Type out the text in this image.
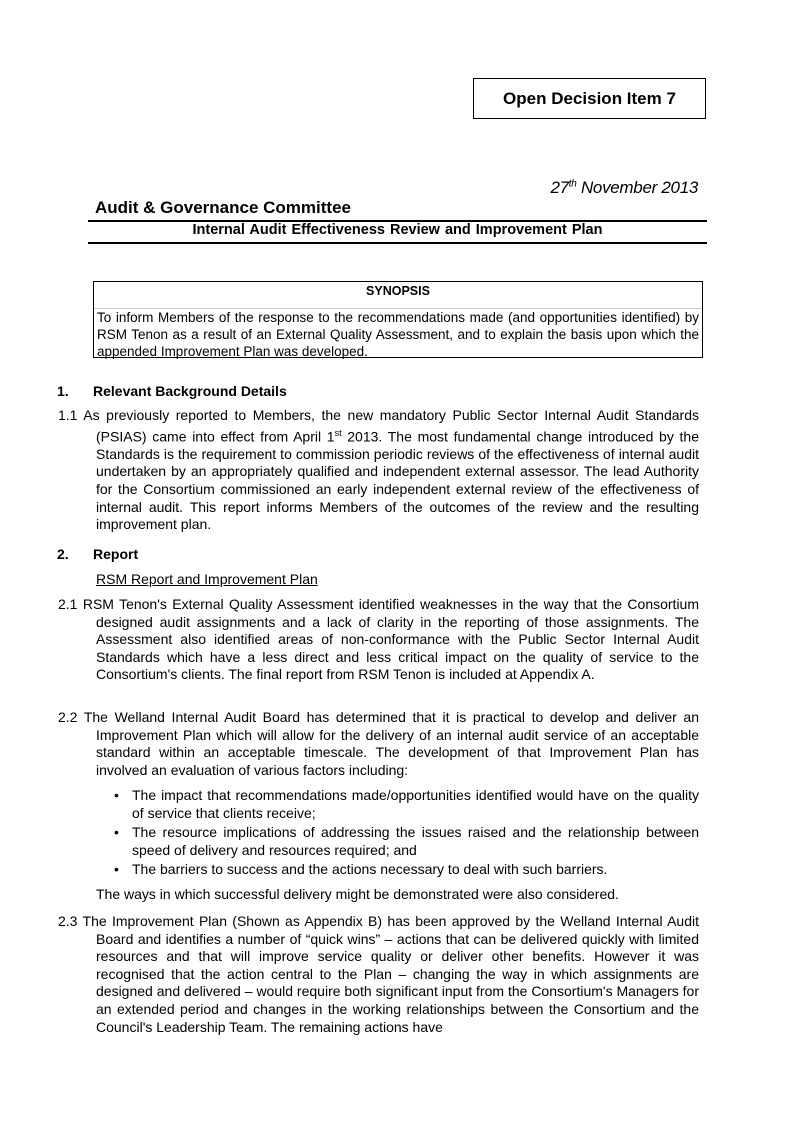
Open Decision Item 7
27th November 2013
Audit & Governance Committee
Internal Audit Effectiveness Review and Improvement Plan
SYNOPSIS
To inform Members of the response to the recommendations made (and opportunities identified) by RSM Tenon as a result of an External Quality Assessment, and to explain the basis upon which the appended Improvement Plan was developed.
1. Relevant Background Details
1.1 As previously reported to Members, the new mandatory Public Sector Internal Audit Standards (PSIAS) came into effect from April 1st 2013. The most fundamental change introduced by the Standards is the requirement to commission periodic reviews of the effectiveness of internal audit undertaken by an appropriately qualified and independent external assessor. The lead Authority for the Consortium commissioned an early independent external review of the effectiveness of internal audit. This report informs Members of the outcomes of the review and the resulting improvement plan.
2. Report
RSM Report and Improvement Plan
2.1 RSM Tenon's External Quality Assessment identified weaknesses in the way that the Consortium designed audit assignments and a lack of clarity in the reporting of those assignments. The Assessment also identified areas of non-conformance with the Public Sector Internal Audit Standards which have a less direct and less critical impact on the quality of service to the Consortium's clients. The final report from RSM Tenon is included at Appendix A.
2.2 The Welland Internal Audit Board has determined that it is practical to develop and deliver an Improvement Plan which will allow for the delivery of an internal audit service of an acceptable standard within an acceptable timescale. The development of that Improvement Plan has involved an evaluation of various factors including:
• The impact that recommendations made/opportunities identified would have on the quality of service that clients receive;
• The resource implications of addressing the issues raised and the relationship between speed of delivery and resources required; and
• The barriers to success and the actions necessary to deal with such barriers.
The ways in which successful delivery might be demonstrated were also considered.
2.3 The Improvement Plan (Shown as Appendix B) has been approved by the Welland Internal Audit Board and identifies a number of “quick wins” – actions that can be delivered quickly with limited resources and that will improve service quality or deliver other benefits. However it was recognised that the action central to the Plan – changing the way in which assignments are designed and delivered – would require both significant input from the Consortium's Managers for an extended period and changes in the working relationships between the Consortium and the Council's Leadership Team. The remaining actions have
